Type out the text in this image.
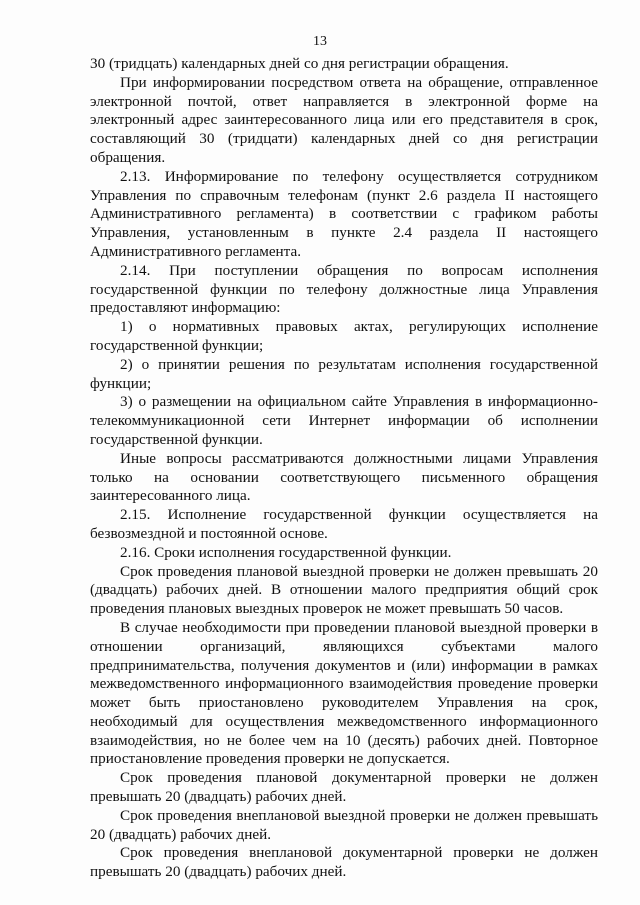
13

30 (тридцать) календарных дней со дня регистрации обращения.

При информировании посредством ответа на обращение, отправленное электронной почтой, ответ направляется в электронной форме на электронный адрес заинтересованного лица или его представителя в срок, составляющий 30 (тридцати) календарных дней со дня регистрации обращения.

2.13. Информирование по телефону осуществляется сотрудником Управления по справочным телефонам (пункт 2.6 раздела II настоящего Административного регламента) в соответствии с графиком работы Управления, установленным в пункте 2.4 раздела II настоящего Административного регламента.

2.14. При поступлении обращения по вопросам исполнения государственной функции по телефону должностные лица Управления предоставляют информацию:

1) о нормативных правовых актах, регулирующих исполнение государственной функции;

2) о принятии решения по результатам исполнения государственной функции;

3) о размещении на официальном сайте Управления в информационно-телекоммуникационной сети Интернет информации об исполнении государственной функции.

Иные вопросы рассматриваются должностными лицами Управления только на основании соответствующего письменного обращения заинтересованного лица.

2.15. Исполнение государственной функции осуществляется на безвозмездной и постоянной основе.

2.16. Сроки исполнения государственной функции.

Срок проведения плановой выездной проверки не должен превышать 20 (двадцать) рабочих дней. В отношении малого предприятия общий срок проведения плановых выездных проверок не может превышать 50 часов.

В случае необходимости при проведении плановой выездной проверки в отношении организаций, являющихся субъектами малого предпринимательства, получения документов и (или) информации в рамках межведомственного информационного взаимодействия проведение проверки может быть приостановлено руководителем Управления на срок, необходимый для осуществления межведомственного информационного взаимодействия, но не более чем на 10 (десять) рабочих дней. Повторное приостановление проведения проверки не допускается.

Срок проведения плановой документарной проверки не должен превышать 20 (двадцать) рабочих дней.

Срок проведения внеплановой выездной проверки не должен превышать 20 (двадцать) рабочих дней.

Срок проведения внеплановой документарной проверки не должен превышать 20 (двадцать) рабочих дней.
